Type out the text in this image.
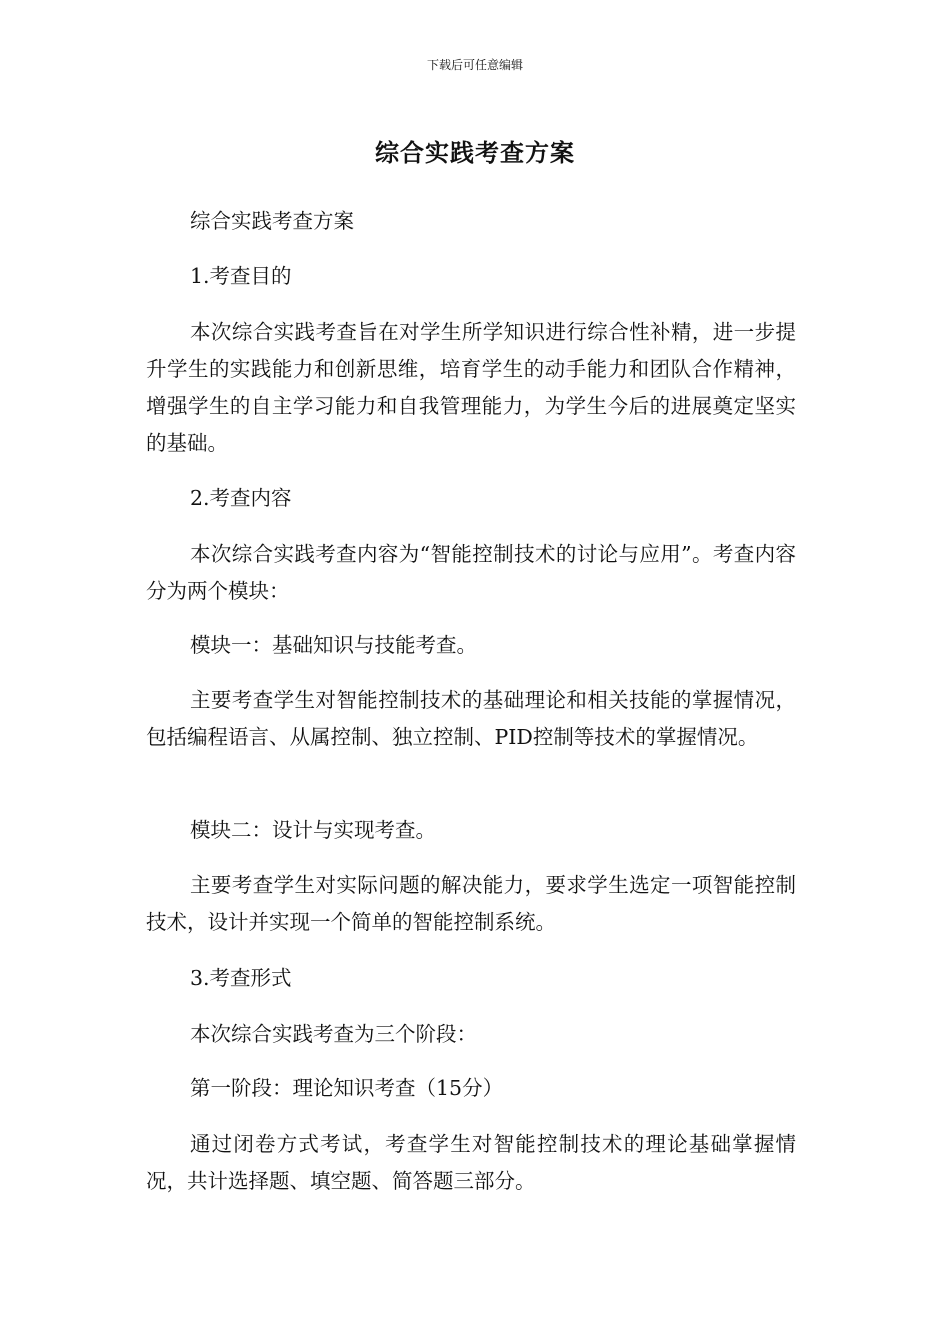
下载后可任意编辑
综合实践考查方案

综合实践考查方案

1.考查目的

本次综合实践考查旨在对学生所学知识进行综合性补精，进一步提升学生的实践能力和创新思维，培育学生的动手能力和团队合作精神，增强学生的自主学习能力和自我管理能力，为学生今后的进展奠定坚实的基础。

2.考查内容

本次综合实践考查内容为“智能控制技术的讨论与应用”。考查内容分为两个模块：

模块一：基础知识与技能考查。

主要考查学生对智能控制技术的基础理论和相关技能的掌握情况，包括编程语言、从属控制、独立控制、PID控制等技术的掌握情况。

模块二：设计与实现考查。

主要考查学生对实际问题的解决能力，要求学生选定一项智能控制技术，设计并实现一个简单的智能控制系统。

3.考查形式

本次综合实践考查为三个阶段：

第一阶段：理论知识考查（15分）

通过闭卷方式考试，考查学生对智能控制技术的理论基础掌握情况，共计选择题、填空题、简答题三部分。
